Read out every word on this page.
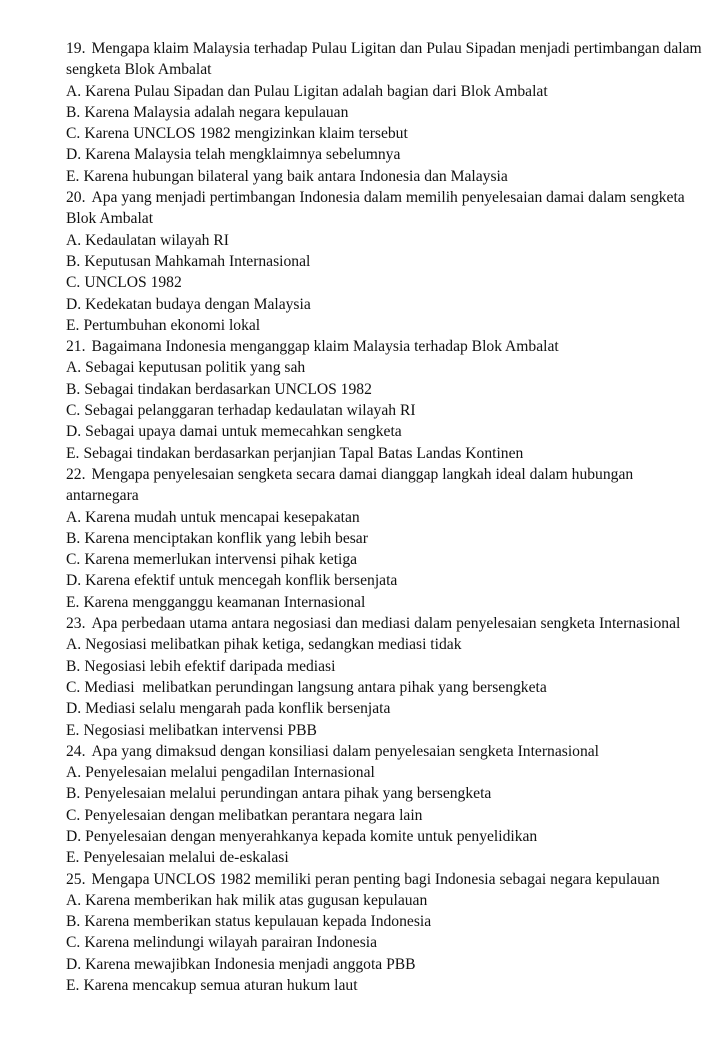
19. Mengapa klaim Malaysia terhadap Pulau Ligitan dan Pulau Sipadan menjadi pertimbangan dalam sengketa Blok Ambalat
A. Karena Pulau Sipadan dan Pulau Ligitan adalah bagian dari Blok Ambalat
B. Karena Malaysia adalah negara kepulauan
C. Karena UNCLOS 1982 mengizinkan klaim tersebut
D. Karena Malaysia telah mengklaimnya sebelumnya
E. Karena hubungan bilateral yang baik antara Indonesia dan Malaysia
20. Apa yang menjadi pertimbangan Indonesia dalam memilih penyelesaian damai dalam sengketa Blok Ambalat
A. Kedaulatan wilayah RI
B. Keputusan Mahkamah Internasional
C. UNCLOS 1982
D. Kedekatan budaya dengan Malaysia
E. Pertumbuhan ekonomi lokal
21. Bagaimana Indonesia menganggap klaim Malaysia terhadap Blok Ambalat
A. Sebagai keputusan politik yang sah
B. Sebagai tindakan berdasarkan UNCLOS 1982
C. Sebagai pelanggaran terhadap kedaulatan wilayah RI
D. Sebagai upaya damai untuk memecahkan sengketa
E. Sebagai tindakan berdasarkan perjanjian Tapal Batas Landas Kontinen
22. Mengapa penyelesaian sengketa secara damai dianggap langkah ideal dalam hubungan antarnegara
A. Karena mudah untuk mencapai kesepakatan
B. Karena menciptakan konflik yang lebih besar
C. Karena memerlukan intervensi pihak ketiga
D. Karena efektif untuk mencegah konflik bersenjata
E. Karena mengganggu keamanan Internasional
23. Apa perbedaan utama antara negosiasi dan mediasi dalam penyelesaian sengketa Internasional
A. Negosiasi melibatkan pihak ketiga, sedangkan mediasi tidak
B. Negosiasi lebih efektif daripada mediasi
C. Mediasi  melibatkan perundingan langsung antara pihak yang bersengketa
D. Mediasi selalu mengarah pada konflik bersenjata
E. Negosiasi melibatkan intervensi PBB
24. Apa yang dimaksud dengan konsiliasi dalam penyelesaian sengketa Internasional
A. Penyelesaian melalui pengadilan Internasional
B. Penyelesaian melalui perundingan antara pihak yang bersengketa
C. Penyelesaian dengan melibatkan perantara negara lain
D. Penyelesaian dengan menyerahkanya kepada komite untuk penyelidikan
E. Penyelesaian melalui de-eskalasi
25. Mengapa UNCLOS 1982 memiliki peran penting bagi Indonesia sebagai negara kepulauan
A. Karena memberikan hak milik atas gugusan kepulauan
B. Karena memberikan status kepulauan kepada Indonesia
C. Karena melindungi wilayah parairan Indonesia
D. Karena mewajibkan Indonesia menjadi anggota PBB
E. Karena mencakup semua aturan hukum laut
